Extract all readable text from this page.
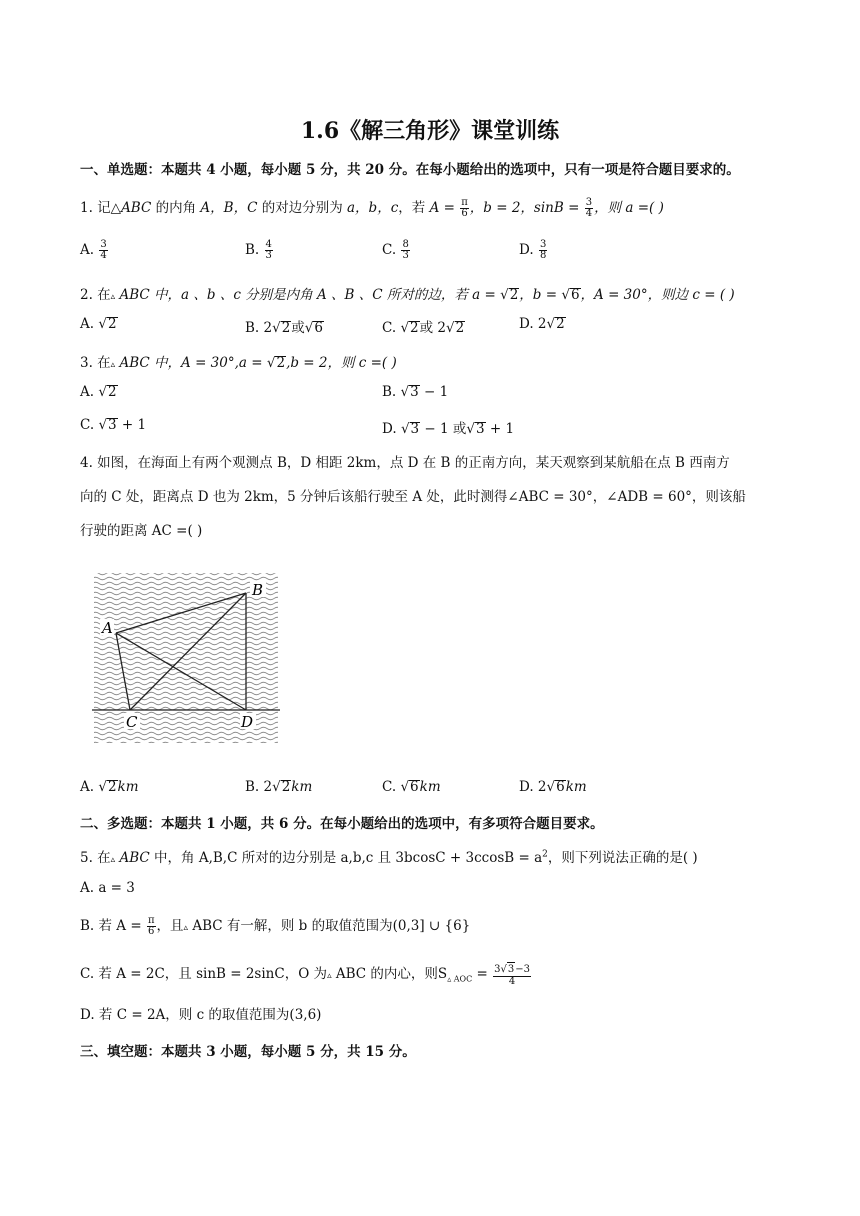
1.6《解三角形》课堂训练
一、单选题：本题共 4 小题，每小题 5 分，共 20 分。在每小题给出的选项中，只有一项是符合题目要求的。
1. 记△ABC 的内角 A，B，C 的对边分别为 a，b，c，若 $A = \frac{\pi}{6}$ ，b = 2，$\sin B = \frac{3}{4}$ ，则 a =( )
A. $\frac{3}{4}$	B. $\frac{4}{3}$	C. $\frac{8}{3}$	D. $\frac{3}{8}$
2. 在▵ ABC 中，a 、b 、c 分别是内角 A 、B 、C 所对的边，若 a = √2，b = √6，A = 30°，则边 c = ( )
A. √2	B. 2√2或√6	C. √2或 2√2	D. 2√2
3. 在▵ ABC 中，A = 30°,a = √2,b = 2，则 c =( )
A. √2	B. √3 − 1
C. √3 + 1	D. √3 − 1 或√3 + 1
4. 如图，在海面上有两个观测点 B，D 相距 2km，点 D 在 B 的正南方向，某天观察到某航船在点 B 西南方
向的 C 处，距离点 D 也为 2km，5 分钟后该船行驶至 A 处，此时测得∠ABC = 30°，∠ADB = 60°，则该船
行驶的距离 AC =( )
A
B
C	D
A. √2km	B. 2√2km	C. √6km	D. 2√6km
二、多选题：本题共 1 小题，共 6 分。在每小题给出的选项中，有多项符合题目要求。
5. 在▵ ABC 中，角 A,B,C 所对的边分别是 a,b,c 且 $3bcosC + 3ccosB = a^2$，则下列说法正确的是( )
A. a = 3
B. 若 $A = \frac{\pi}{6}$ ，且▵ ABC 有一解，则 b 的取值范围为(0,3] ∪ {6}
C. 若 A = 2C，且 sinB = 2sinC，O 为▵ ABC 的内心，则$S_{▵ AOC} = \frac{3√3-3}{4}$
D. 若 C = 2A，则 c 的取值范围为(3,6)
三、填空题：本题共 3 小题，每小题 5 分，共 15 分。
